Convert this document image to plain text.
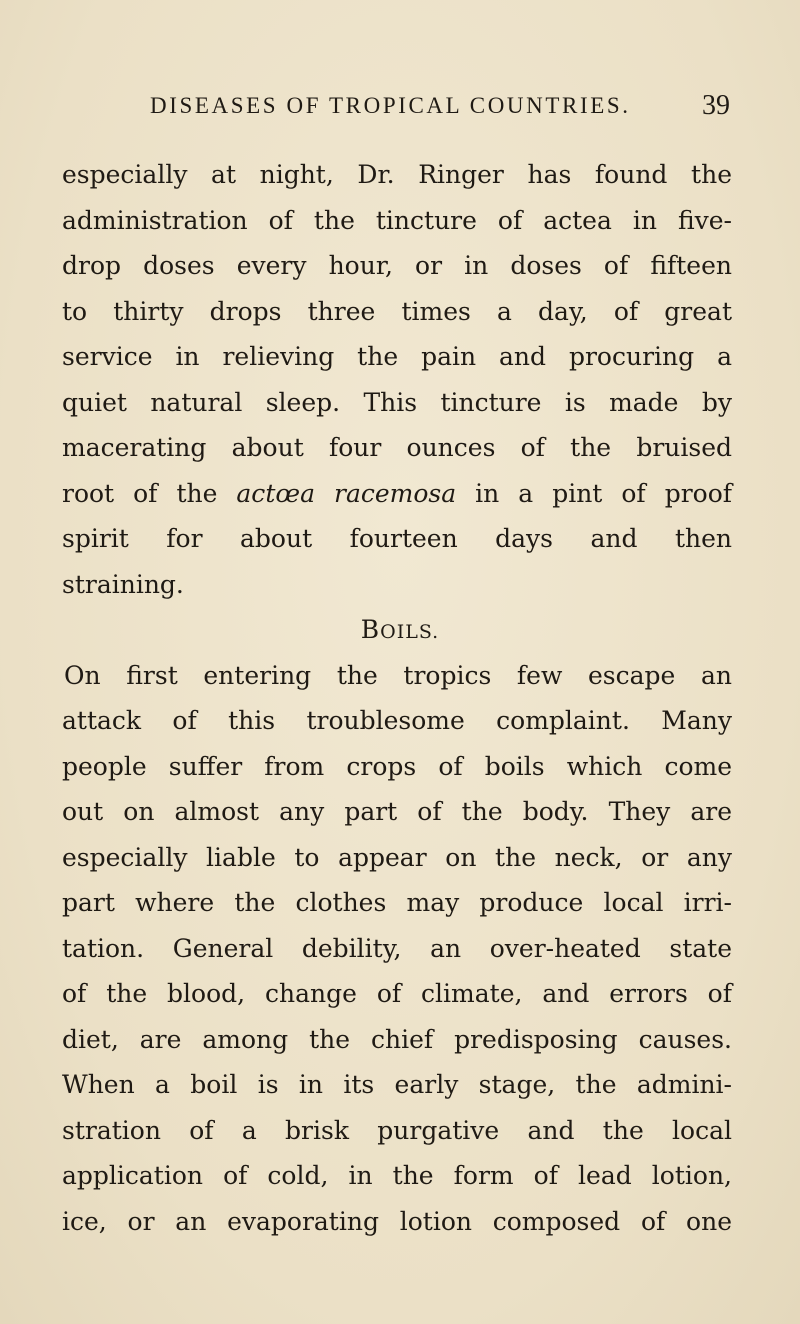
DISEASES OF TROPICAL COUNTRIES.	39
especially at night, Dr. Ringer has found the
administration of the tincture of actea in five-
drop doses every hour, or in doses of fifteen
to thirty drops three times a day, of great
service in relieving the pain and procuring a
quiet natural sleep. This tincture is made by
macerating about four ounces of the bruised
root of the actœa racemosa in a pint of proof
spirit for about fourteen days and then
straining.
BOILS.
On first entering the tropics few escape an
attack of this troublesome complaint. Many
people suffer from crops of boils which come
out on almost any part of the body. They are
especially liable to appear on the neck, or any
part where the clothes may produce local irri-
tation. General debility, an over-heated state
of the blood, change of climate, and errors of
diet, are among the chief predisposing causes.
When a boil is in its early stage, the admini-
stration of a brisk purgative and the local
application of cold, in the form of lead lotion,
ice, or an evaporating lotion composed of one
